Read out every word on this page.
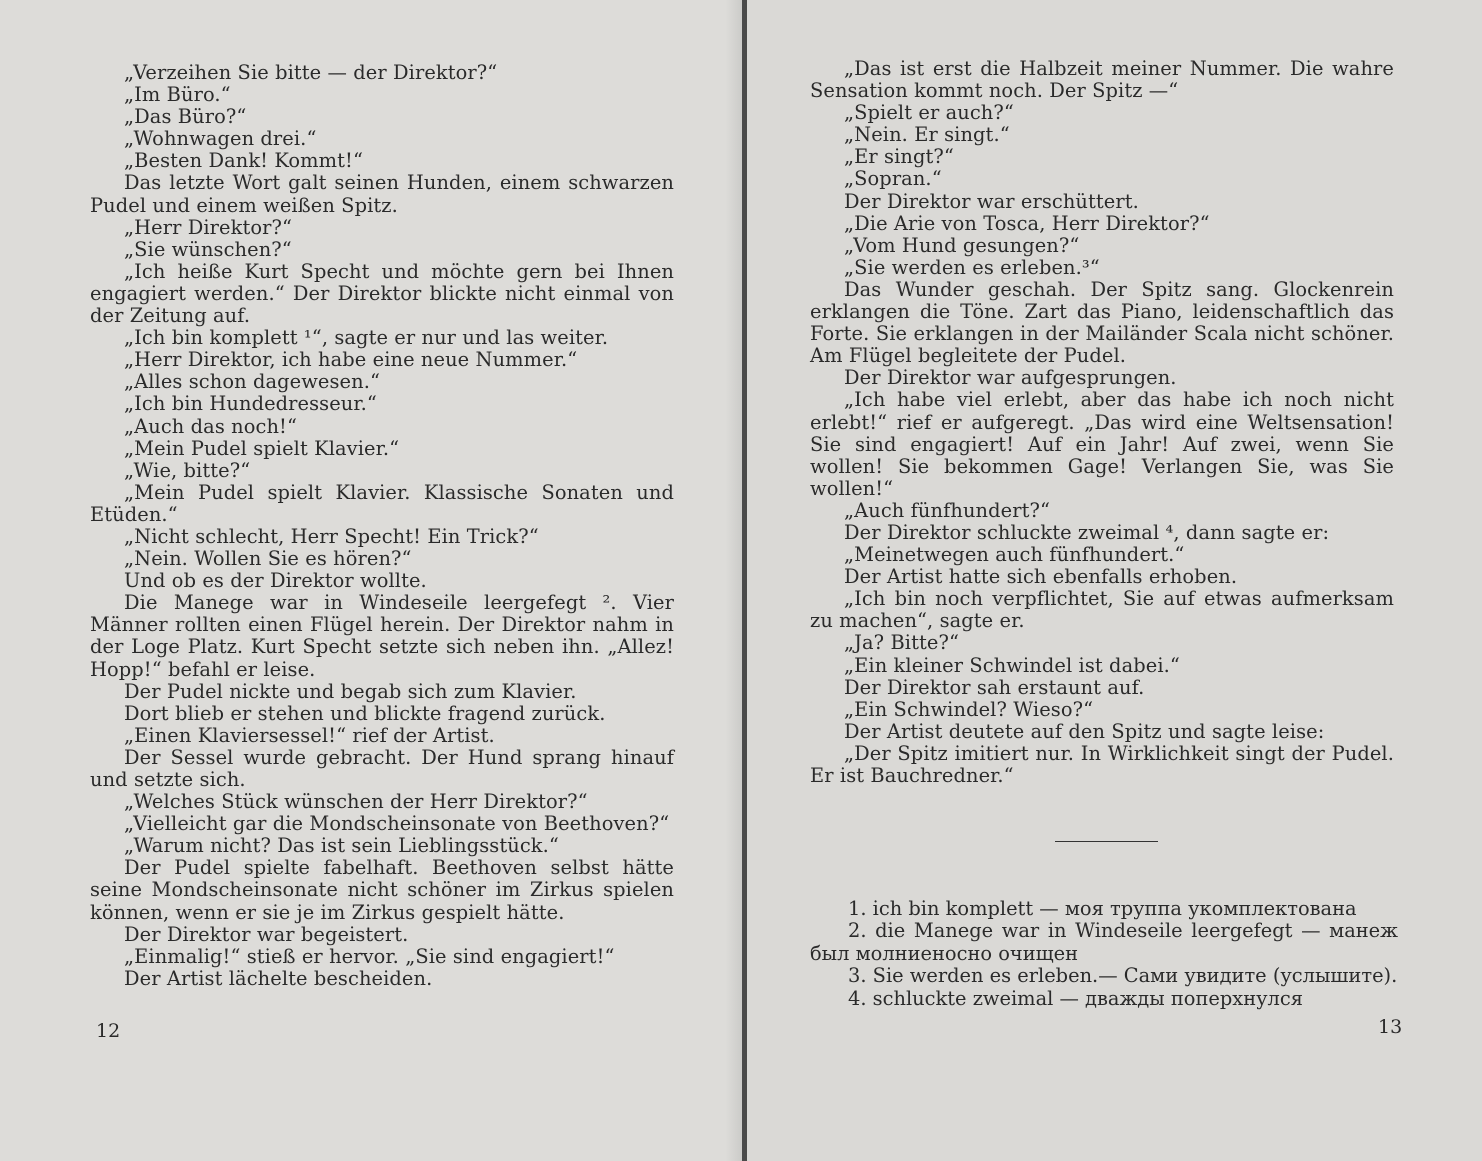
„Verzeihen Sie bitte — der Direktor?“

„Im Büro.“

„Das Büro?“

„Wohnwagen drei.“

„Besten Dank! Kommt!“

Das letzte Wort galt seinen Hunden, einem schwarzen Pudel und einem weißen Spitz.

„Herr Direktor?“

„Sie wünschen?“

„Ich heiße Kurt Specht und möchte gern bei Ihnen engagiert werden.“ Der Direktor blickte nicht einmal von der Zeitung auf.

„Ich bin komplett ¹“, sagte er nur und las weiter.

„Herr Direktor, ich habe eine neue Nummer.“

„Alles schon dagewesen.“

„Ich bin Hundedresseur.“

„Auch das noch!“

„Mein Pudel spielt Klavier.“

„Wie, bitte?“

„Mein Pudel spielt Klavier. Klassische Sonaten und Etüden.“

„Nicht schlecht, Herr Specht! Ein Trick?“

„Nein. Wollen Sie es hören?“

Und ob es der Direktor wollte.

Die Manege war in Windeseile leergefegt ². Vier Männer rollten einen Flügel herein. Der Direktor nahm in der Loge Platz. Kurt Specht setzte sich neben ihn. „Allez! Hopp!“ befahl er leise.

Der Pudel nickte und begab sich zum Klavier.

Dort blieb er stehen und blickte fragend zurück.

„Einen Klaviersessel!“ rief der Artist.

Der Sessel wurde gebracht. Der Hund sprang hinauf und setzte sich.

„Welches Stück wünschen der Herr Direktor?“

„Vielleicht gar die Mondscheinsonate von Beethoven?“

„Warum nicht? Das ist sein Lieblingsstück.“

Der Pudel spielte fabelhaft. Beethoven selbst hätte seine Mondscheinsonate nicht schöner im Zirkus spielen können, wenn er sie je im Zirkus gespielt hätte.

Der Direktor war begeistert.

„Einmalig!“ stieß er hervor. „Sie sind engagiert!“

Der Artist lächelte bescheiden.

12

„Das ist erst die Halbzeit meiner Nummer. Die wahre Sensation kommt noch. Der Spitz —“

„Spielt er auch?“

„Nein. Er singt.“

„Er singt?“

„Sopran.“

Der Direktor war erschüttert.

„Die Arie von Tosca, Herr Direktor?“

„Vom Hund gesungen?“

„Sie werden es erleben.³“

Das Wunder geschah. Der Spitz sang. Glockenrein erklangen die Töne. Zart das Piano, leidenschaftlich das Forte. Sie erklangen in der Mailänder Scala nicht schöner. Am Flügel begleitete der Pudel.

Der Direktor war aufgesprungen.

„Ich habe viel erlebt, aber das habe ich noch nicht erlebt!“ rief er aufgeregt. „Das wird eine Weltsensation! Sie sind engagiert! Auf ein Jahr! Auf zwei, wenn Sie wollen! Sie bekommen Gage! Verlangen Sie, was Sie wollen!“

„Auch fünfhundert?“

Der Direktor schluckte zweimal ⁴, dann sagte er:

„Meinetwegen auch fünfhundert.“

Der Artist hatte sich ebenfalls erhoben.

„Ich bin noch verpflichtet, Sie auf etwas aufmerksam zu machen“, sagte er.

„Ja? Bitte?“

„Ein kleiner Schwindel ist dabei.“

Der Direktor sah erstaunt auf.

„Ein Schwindel? Wieso?“

Der Artist deutete auf den Spitz und sagte leise:

„Der Spitz imitiert nur. In Wirklichkeit singt der Pudel. Er ist Bauchredner.“

1. ich bin komplett — моя труппа укомплектована

2. die Manege war in Windeseile leergefegt — манеж был молниеносно очищен

3. Sie werden es erleben.— Сами увидите (услышите).

4. schluckte zweimal — дважды поперхнулся

13
